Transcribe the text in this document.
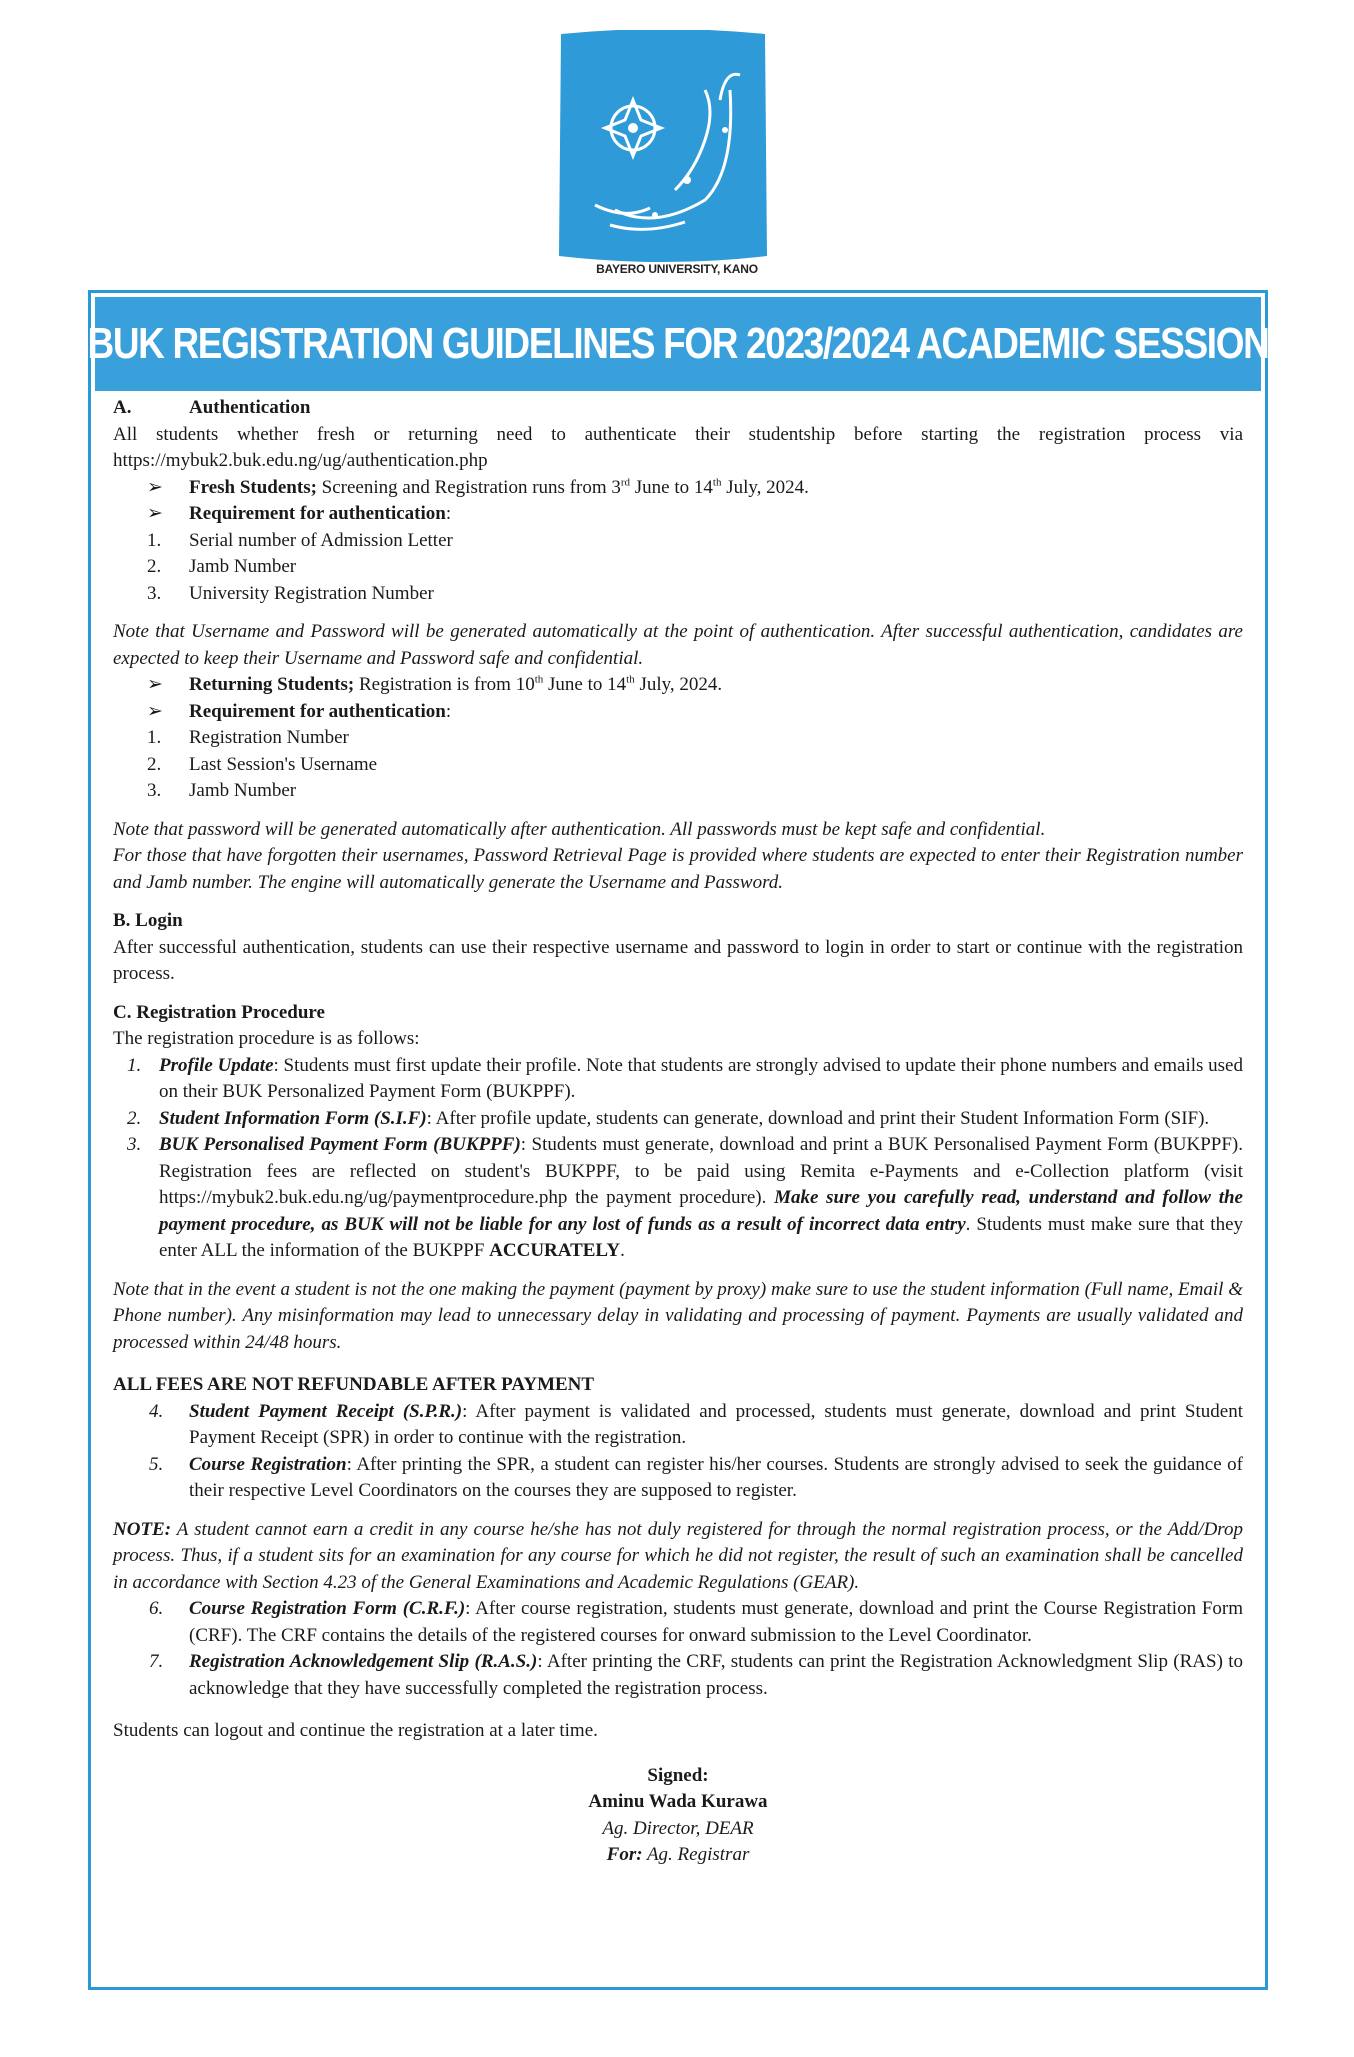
BAYERO UNIVERSITY, KANO
BUK REGISTRATION GUIDELINES FOR 2023/2024 ACADEMIC SESSION
A.	Authentication

All students whether fresh or returning need to authenticate their studentship before starting the registration process via https://mybuk2.buk.edu.ng/ug/authentication.php

➢	Fresh Students; Screening and Registration runs from 3rd June to 14th July, 2024.
➢	Requirement for authentication:
1.	Serial number of Admission Letter
2.	Jamb Number
3.	University Registration Number

Note that Username and Password will be generated automatically at the point of authentication. After successful authentication, candidates are expected to keep their Username and Password safe and confidential.

➢	Returning Students; Registration is from 10th June to 14th July, 2024.
➢	Requirement for authentication:
1.	Registration Number
2.	Last Session's Username
3.	Jamb Number

Note that password will be generated automatically after authentication. All passwords must be kept safe and confidential.

For those that have forgotten their usernames, Password Retrieval Page is provided where students are expected to enter their Registration number and Jamb number. The engine will automatically generate the Username and Password.

B. Login

After successful authentication, students can use their respective username and password to login in order to start or continue with the registration process.

C. Registration Procedure

The registration procedure is as follows:

1. Profile Update: Students must first update their profile. Note that students are strongly advised to update their phone numbers and emails used on their BUK Personalized Payment Form (BUKPPF).
2. Student Information Form (S.I.F): After profile update, students can generate, download and print their Student Information Form (SIF).
3. BUK Personalised Payment Form (BUKPPF): Students must generate, download and print a BUK Personalised Payment Form (BUKPPF). Registration fees are reflected on student's BUKPPF, to be paid using Remita e-Payments and e-Collection platform (visit https://mybuk2.buk.edu.ng/ug/paymentprocedure.php the payment procedure). Make sure you carefully read, understand and follow the payment procedure, as BUK will not be liable for any lost of funds as a result of incorrect data entry. Students must make sure that they enter ALL the information of the BUKPPF ACCURATELY.

Note that in the event a student is not the one making the payment (payment by proxy) make sure to use the student information (Full name, Email & Phone number). Any misinformation may lead to unnecessary delay in validating and processing of payment. Payments are usually validated and processed within 24/48 hours.

ALL FEES ARE NOT REFUNDABLE AFTER PAYMENT

4.	Student Payment Receipt (S.P.R.): After payment is validated and processed, students must generate, download and print Student Payment Receipt (SPR) in order to continue with the registration.
5.	Course Registration: After printing the SPR, a student can register his/her courses. Students are strongly advised to seek the guidance of their respective Level Coordinators on the courses they are supposed to register.

NOTE: A student cannot earn a credit in any course he/she has not duly registered for through the normal registration process, or the Add/Drop process. Thus, if a student sits for an examination for any course for which he did not register, the result of such an examination shall be cancelled in accordance with Section 4.23 of the General Examinations and Academic Regulations (GEAR).

6.	Course Registration Form (C.R.F.): After course registration, students must generate, download and print the Course Registration Form (CRF). The CRF contains the details of the registered courses for onward submission to the Level Coordinator.
7.	Registration Acknowledgement Slip (R.A.S.): After printing the CRF, students can print the Registration Acknowledgment Slip (RAS) to acknowledge that they have successfully completed the registration process.

Students can logout and continue the registration at a later time.

Signed:

Aminu Wada Kurawa

Ag. Director, DEAR

For: Ag. Registrar
